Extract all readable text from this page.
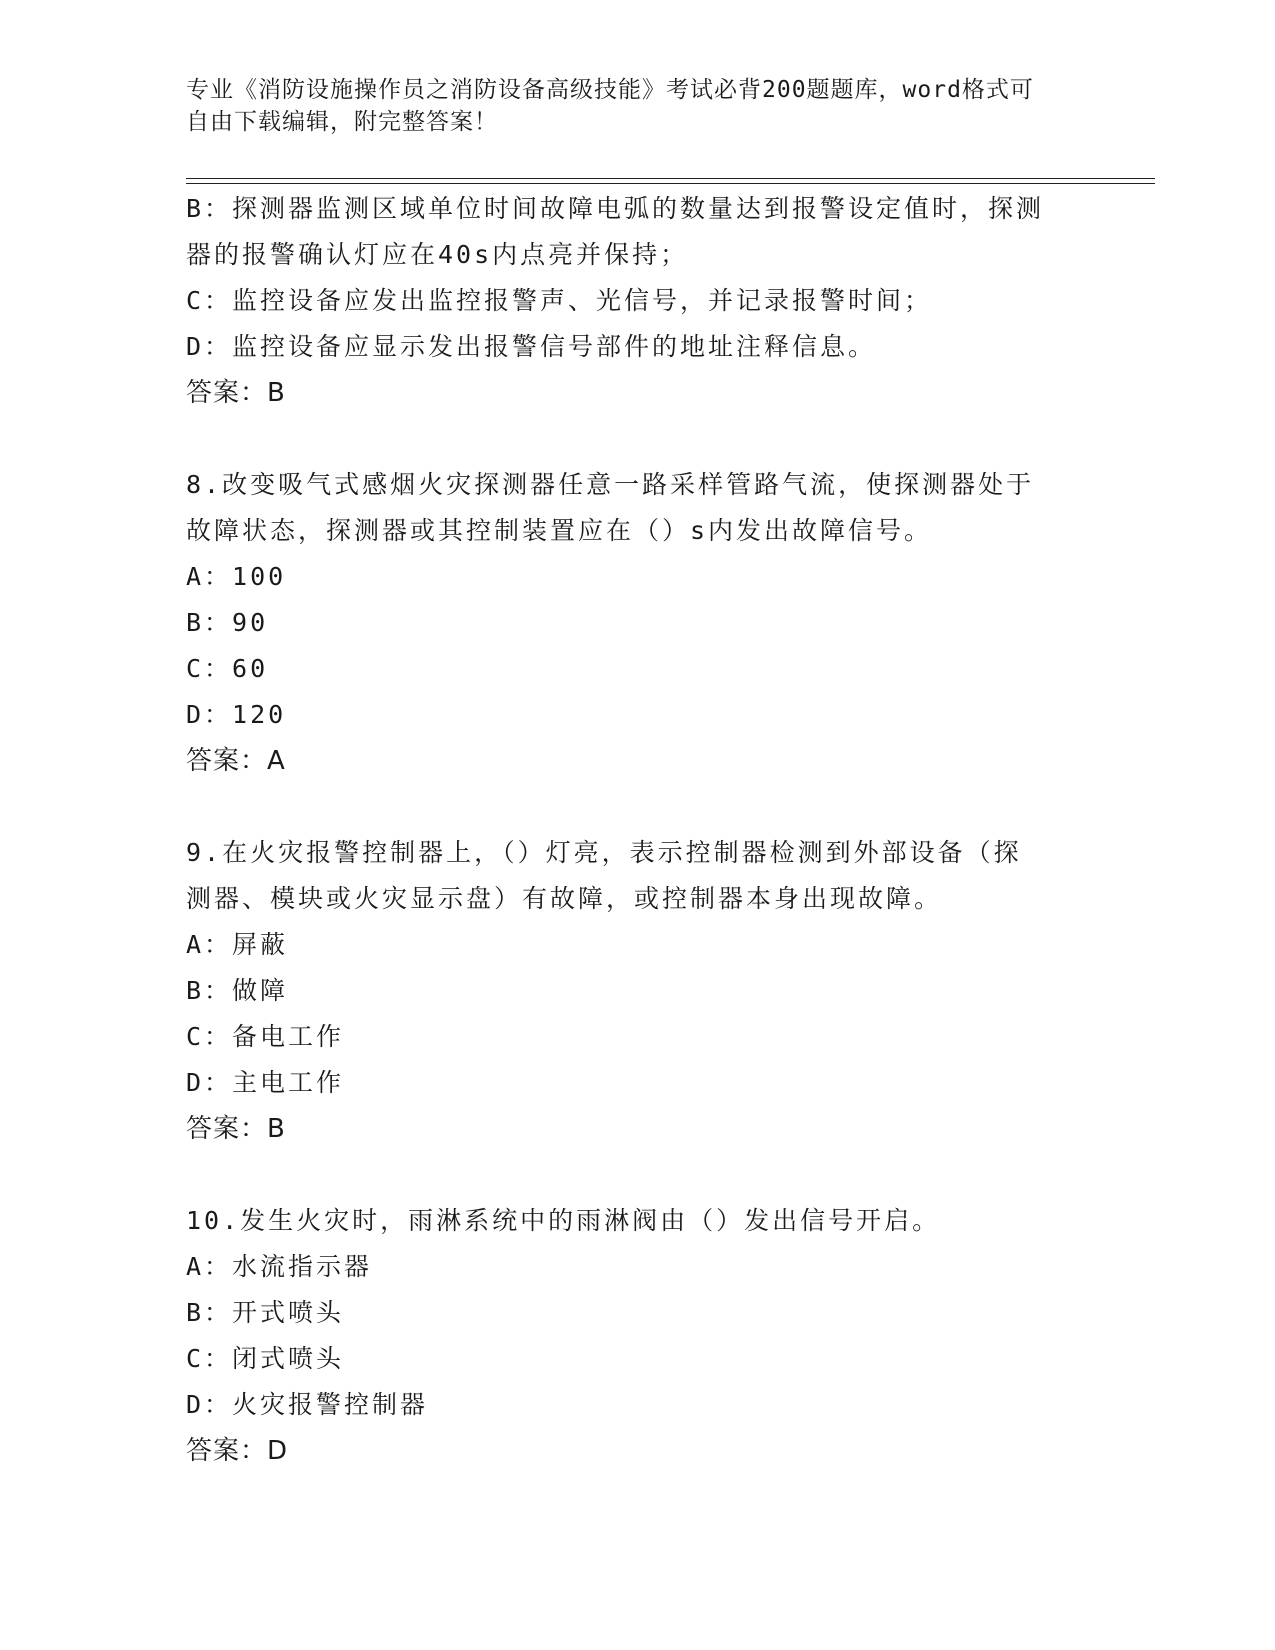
专业《消防设施操作员之消防设备高级技能》考试必背200题题库，word格式可
自由下载编辑，附完整答案！
B：探测器监测区域单位时间故障电弧的数量达到报警设定值时，探测
器的报警确认灯应在40s内点亮并保持；
C：监控设备应发出监控报警声、光信号，并记录报警时间；
D：监控设备应显示发出报警信号部件的地址注释信息。
答案：B
8.改变吸气式感烟火灾探测器任意一路采样管路气流，使探测器处于
故障状态，探测器或其控制装置应在（）s内发出故障信号。
A：100
B：90
C：60
D：120
答案：A
9.在火灾报警控制器上，（）灯亮，表示控制器检测到外部设备（探
测器、模块或火灾显示盘）有故障，或控制器本身出现故障。
A：屏蔽
B：做障
C：备电工作
D：主电工作
答案：B
10.发生火灾时，雨淋系统中的雨淋阀由（）发出信号开启。
A：水流指示器
B：开式喷头
C：闭式喷头
D：火灾报警控制器
答案：D
